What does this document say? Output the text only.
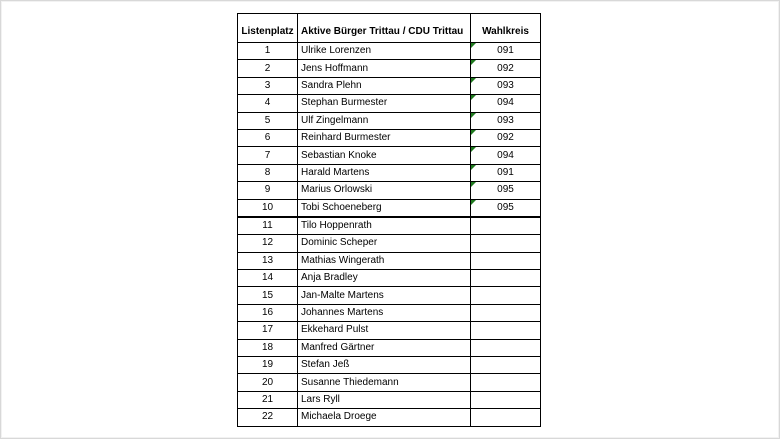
Listenplatz	Aktive Bürger Trittau / CDU Trittau	Wahlkreis
1	Ulrike Lorenzen	091

2	Jens Hoffmann	092

3	Sandra Plehn	093

4	Stephan Burmester	094

5	Ulf Zingelmann	093

6	Reinhard Burmester	092

7	Sebastian Knoke	094

8	Harald Martens	091

9	Marius Orlowski	095

10	Tobi Schoeneberg	095

11	Tilo Hoppenrath	
12	Dominic Scheper	
13	Mathias Wingerath	
14	Anja Bradley	
15	Jan-Malte Martens	
16	Johannes Martens	
17	Ekkehard Pulst	
18	Manfred Gärtner	
19	Stefan Jeß	
20	Susanne Thiedemann	
21	Lars Ryll	
22	Michaela Droege	
